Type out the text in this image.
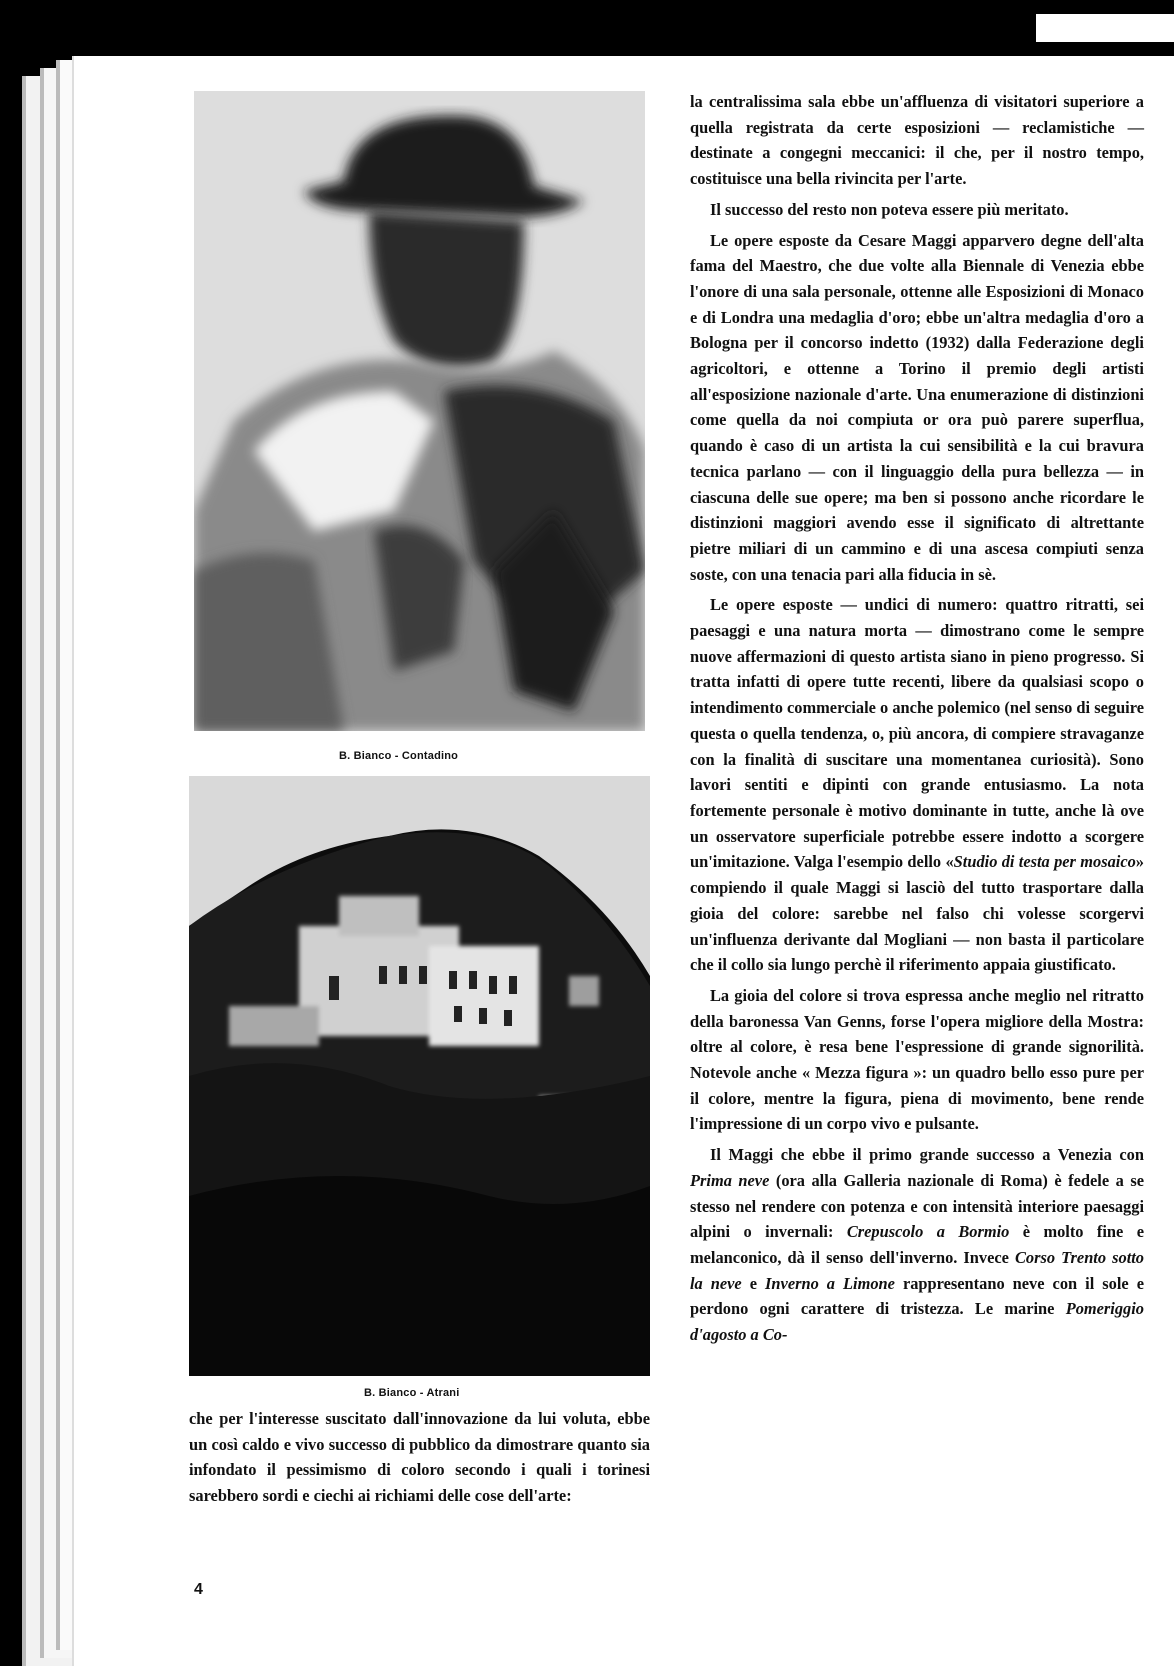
B. Bianco - Contadino
B. Bianco - Atrani

che per l'interesse suscitato dall'innovazione da lui voluta, ebbe un così caldo e vivo successo di pubblico da dimostrare quanto sia infondato il pessimismo di coloro secondo i quali i torinesi sarebbero sordi e ciechi ai richiami delle cose dell'arte:

la centralissima sala ebbe un'affluenza di visitatori superiore a quella registrata da certe esposizioni — reclamistiche — destinate a congegni meccanici: il che, per il nostro tempo, costituisce una bella rivincita per l'arte.

Il successo del resto non poteva essere più meritato.

Le opere esposte da Cesare Maggi apparvero degne dell'alta fama del Maestro, che due volte alla Biennale di Venezia ebbe l'onore di una sala personale, ottenne alle Esposizioni di Monaco e di Londra una medaglia d'oro; ebbe un'altra medaglia d'oro a Bologna per il concorso indetto (1932) dalla Federazione degli agricoltori, e ottenne a Torino il premio degli artisti all'esposizione nazionale d'arte. Una enumerazione di distinzioni come quella da noi compiuta or ora può parere superflua, quando è caso di un artista la cui sensibilità e la cui bravura tecnica parlano — con il linguaggio della pura bellezza — in ciascuna delle sue opere; ma ben si possono anche ricordare le distinzioni maggiori avendo esse il significato di altrettante pietre miliari di un cammino e di una ascesa compiuti senza soste, con una tenacia pari alla fiducia in sè.

Le opere esposte — undici di numero: quattro ritratti, sei paesaggi e una natura morta — dimostrano come le sempre nuove affermazioni di questo artista siano in pieno progresso. Si tratta infatti di opere tutte recenti, libere da qualsiasi scopo o intendimento commerciale o anche polemico (nel senso di seguire questa o quella tendenza, o, più ancora, di compiere stravaganze con la finalità di suscitare una momentanea curiosità). Sono lavori sentiti e dipinti con grande entusiasmo. La nota fortemente personale è motivo dominante in tutte, anche là ove un osservatore superficiale potrebbe essere indotto a scorgere un'imitazione. Valga l'esempio dello «Studio di testa per mosaico» compiendo il quale Maggi si lasciò del tutto trasportare dalla gioia del colore: sarebbe nel falso chi volesse scorgervi un'influenza derivante dal Mogliani — non basta il particolare che il collo sia lungo perchè il riferimento appaia giustificato.

La gioia del colore si trova espressa anche meglio nel ritratto della baronessa Van Genns, forse l'opera migliore della Mostra: oltre al colore, è resa bene l'espressione di grande signorilità. Notevole anche « Mezza figura »: un quadro bello esso pure per il colore, mentre la figura, piena di movimento, bene rende l'impressione di un corpo vivo e pulsante.

Il Maggi che ebbe il primo grande successo a Venezia con Prima neve (ora alla Galleria nazionale di Roma) è fedele a se stesso nel rendere con potenza e con intensità interiore paesaggi alpini o invernali: Crepuscolo a Bormio è molto fine e melanconico, dà il senso dell'inverno. Invece Corso Trento sotto la neve e Inverno a Limone rappresentano neve con il sole e perdono ogni carattere di tristezza. Le marine Pomeriggio d'agosto a Co-

4
